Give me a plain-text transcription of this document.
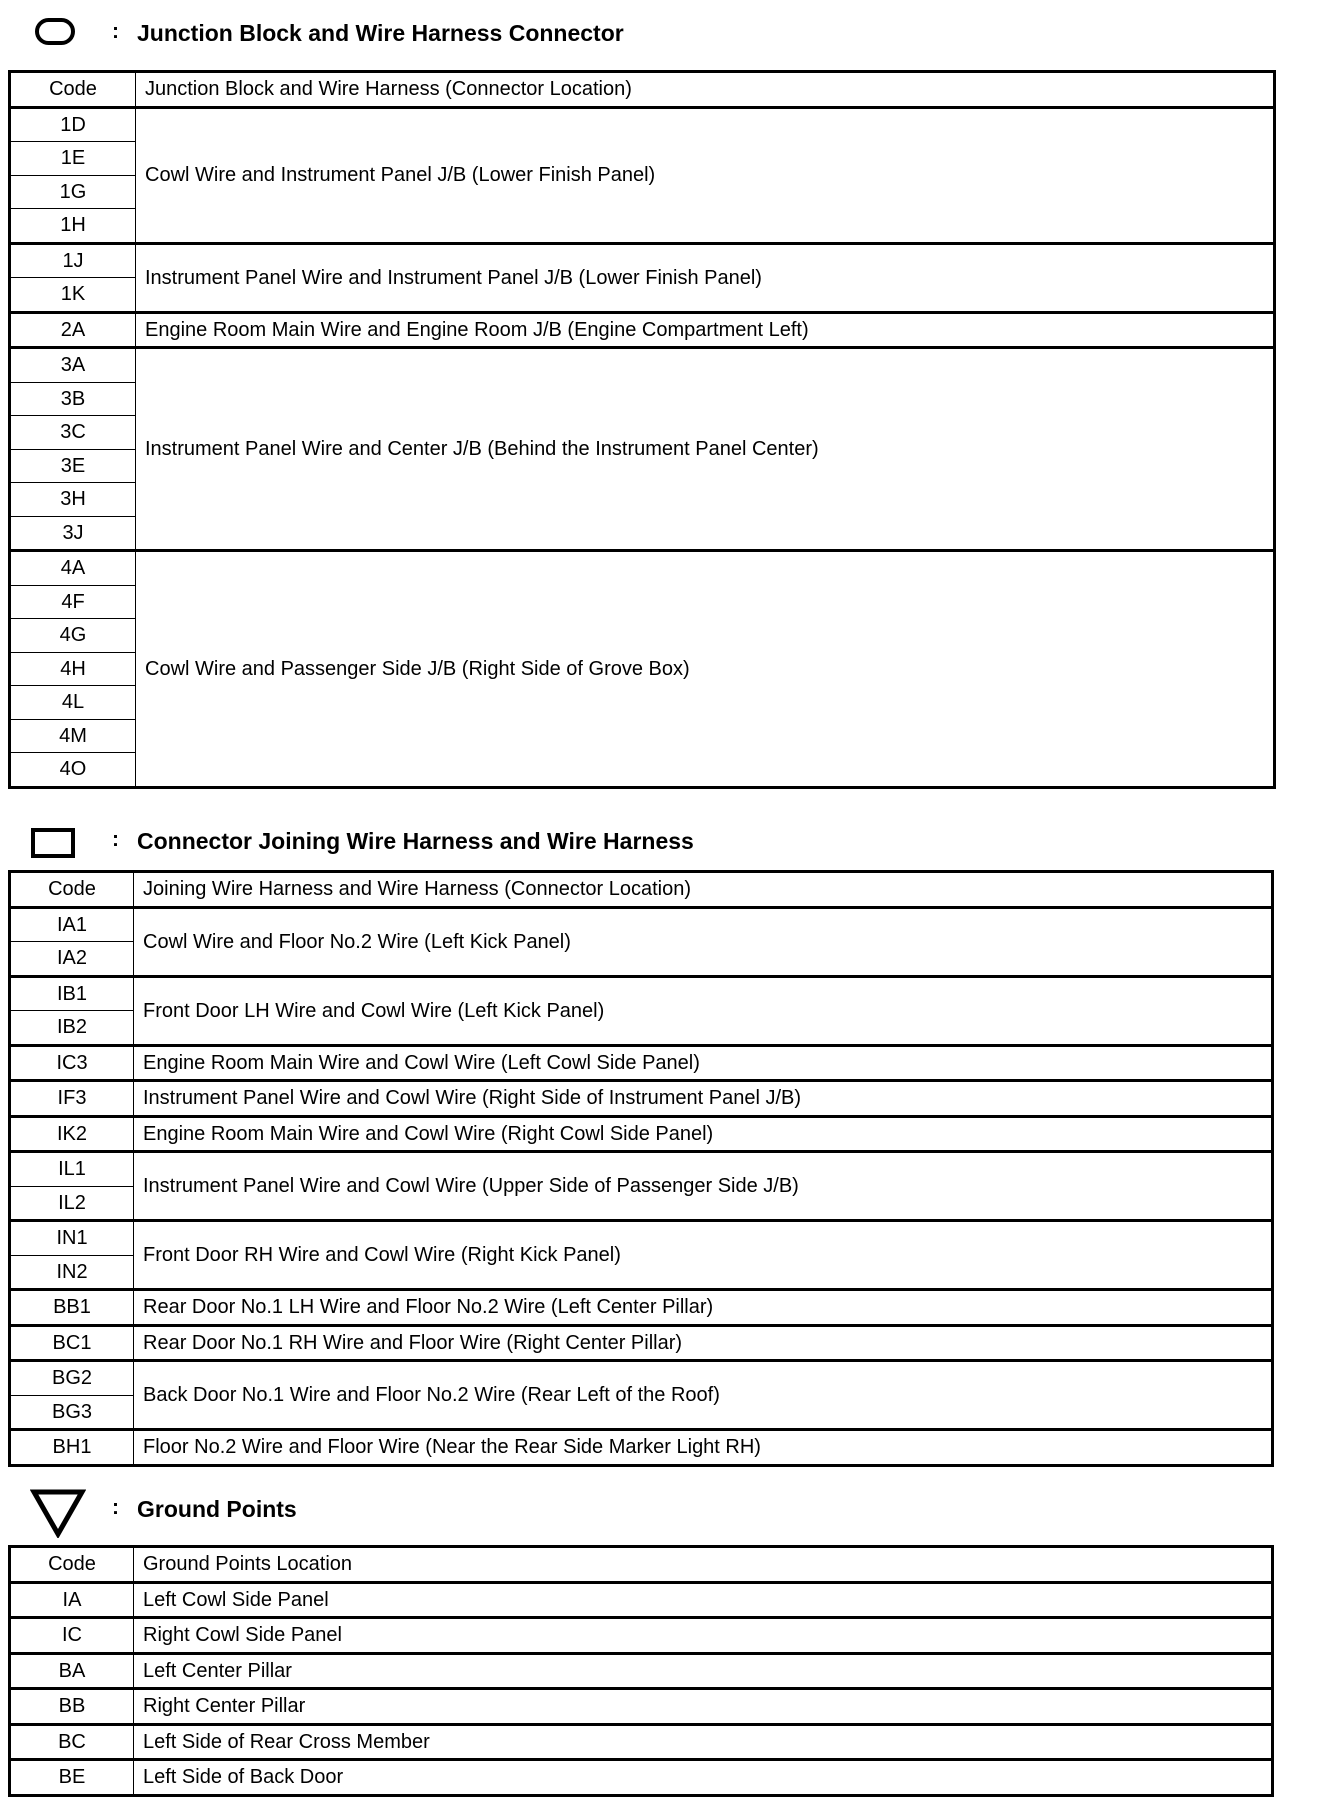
: Junction Block and Wire Harness Connector
Code	Junction Block and Wire Harness (Connector Location)
1D	Cowl Wire and Instrument Panel J/B (Lower Finish Panel)
1E	
1G	
1H	
1J	Instrument Panel Wire and Instrument Panel J/B (Lower Finish Panel)
1K	
2A	Engine Room Main Wire and Engine Room J/B (Engine Compartment Left)
3A	Instrument Panel Wire and Center J/B (Behind the Instrument Panel Center)
3B	
3C	
3E	
3H	
3J	
4A	Cowl Wire and Passenger Side J/B (Right Side of Grove Box)
4F	
4G	
4H	
4L	
4M	
4O	
: Connector Joining Wire Harness and Wire Harness
Code	Joining Wire Harness and Wire Harness (Connector Location)
IA1	Cowl Wire and Floor No.2 Wire (Left Kick Panel)
IA2	
IB1	Front Door LH Wire and Cowl Wire (Left Kick Panel)
IB2	
IC3	Engine Room Main Wire and Cowl Wire (Left Cowl Side Panel)
IF3	Instrument Panel Wire and Cowl Wire (Right Side of Instrument Panel J/B)
IK2	Engine Room Main Wire and Cowl Wire (Right Cowl Side Panel)
IL1	Instrument Panel Wire and Cowl Wire (Upper Side of Passenger Side J/B)
IL2	
IN1	Front Door RH Wire and Cowl Wire (Right Kick Panel)
IN2	
BB1	Rear Door No.1 LH Wire and Floor No.2 Wire (Left Center Pillar)
BC1	Rear Door No.1 RH Wire and Floor Wire (Right Center Pillar)
BG2	Back Door No.1 Wire and Floor No.2 Wire (Rear Left of the Roof)
BG3	
BH1	Floor No.2 Wire and Floor Wire (Near the Rear Side Marker Light RH)
: Ground Points
Code	Ground Points Location
IA	Left Cowl Side Panel
IC	Right Cowl Side Panel
BA	Left Center Pillar
BB	Right Center Pillar
BC	Left Side of Rear Cross Member
BE	Left Side of Back Door
